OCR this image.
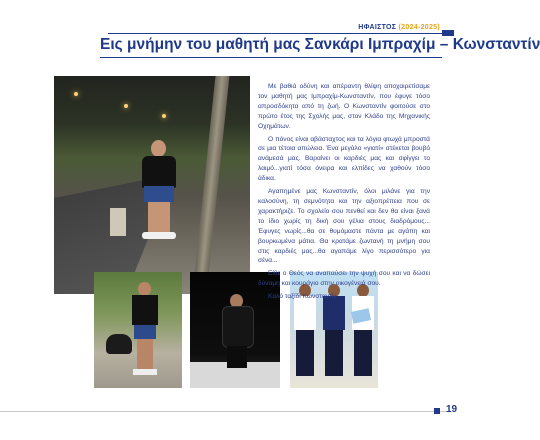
ΗΦΑΙΣΤΟΣ (2024-2025)
Εις μνήμην του μαθητή μας Σανκάρι Ιμπραχίμ – Κωνσταντίν

Με βαθιά οδύνη και απέραντη θλίψη αποχαιρετίσαμε τον μαθητή μας Ιμπραχίμ-Κωνσταντίν, που έφυγε τόσο απροσδόκητα από τη ζωή. Ο Κωνσταντίν φοιτούσε στο πρώτο έτος της Σχολής μας, στον Κλάδο της Μηχανικής Οχημάτων.

Ο πόνος είναι αβάσταχτος και τα λόγια φτωχά μπροστά σε μια τέτοια απώλεια. Ένα μεγάλο «γιατί» στέκεται βουβό ανάμεσά μας. Βαραίνει οι καρδιές μας και σφίγγει το λαιμό...γιατί τόσα όνειρα και ελπίδες να χαθούν τόσο άδικα.

Αγαπημένε μας Κωνσταντίν, όλοι μιλάνε για την καλοσύνη, τη σεμνότητα και την αξιοπρέπεια που σε χαρακτήριζε. Το σχολείο σου πενθεί και δεν θα είναι ξανά το ίδιο χωρίς τη δική σου γέλια στους διαδρόμους... Έφυγες νωρίς...θα σε θυμόμαστε πάντα με αγάπη και βουρκωμένα μάτια. Θα κρατάμε ζωντανή τη μνήμη σου στις καρδιές μας...θα αγαπάμε λίγο περισσότερο για σένα...

Είθε ο Θεός να αναπαύσει την ψυχή σου και να δώσει δύναμη και κουράγιο στην οικογένειά σου.

Καλό ταξίδι Κωνσταντίν.

19
